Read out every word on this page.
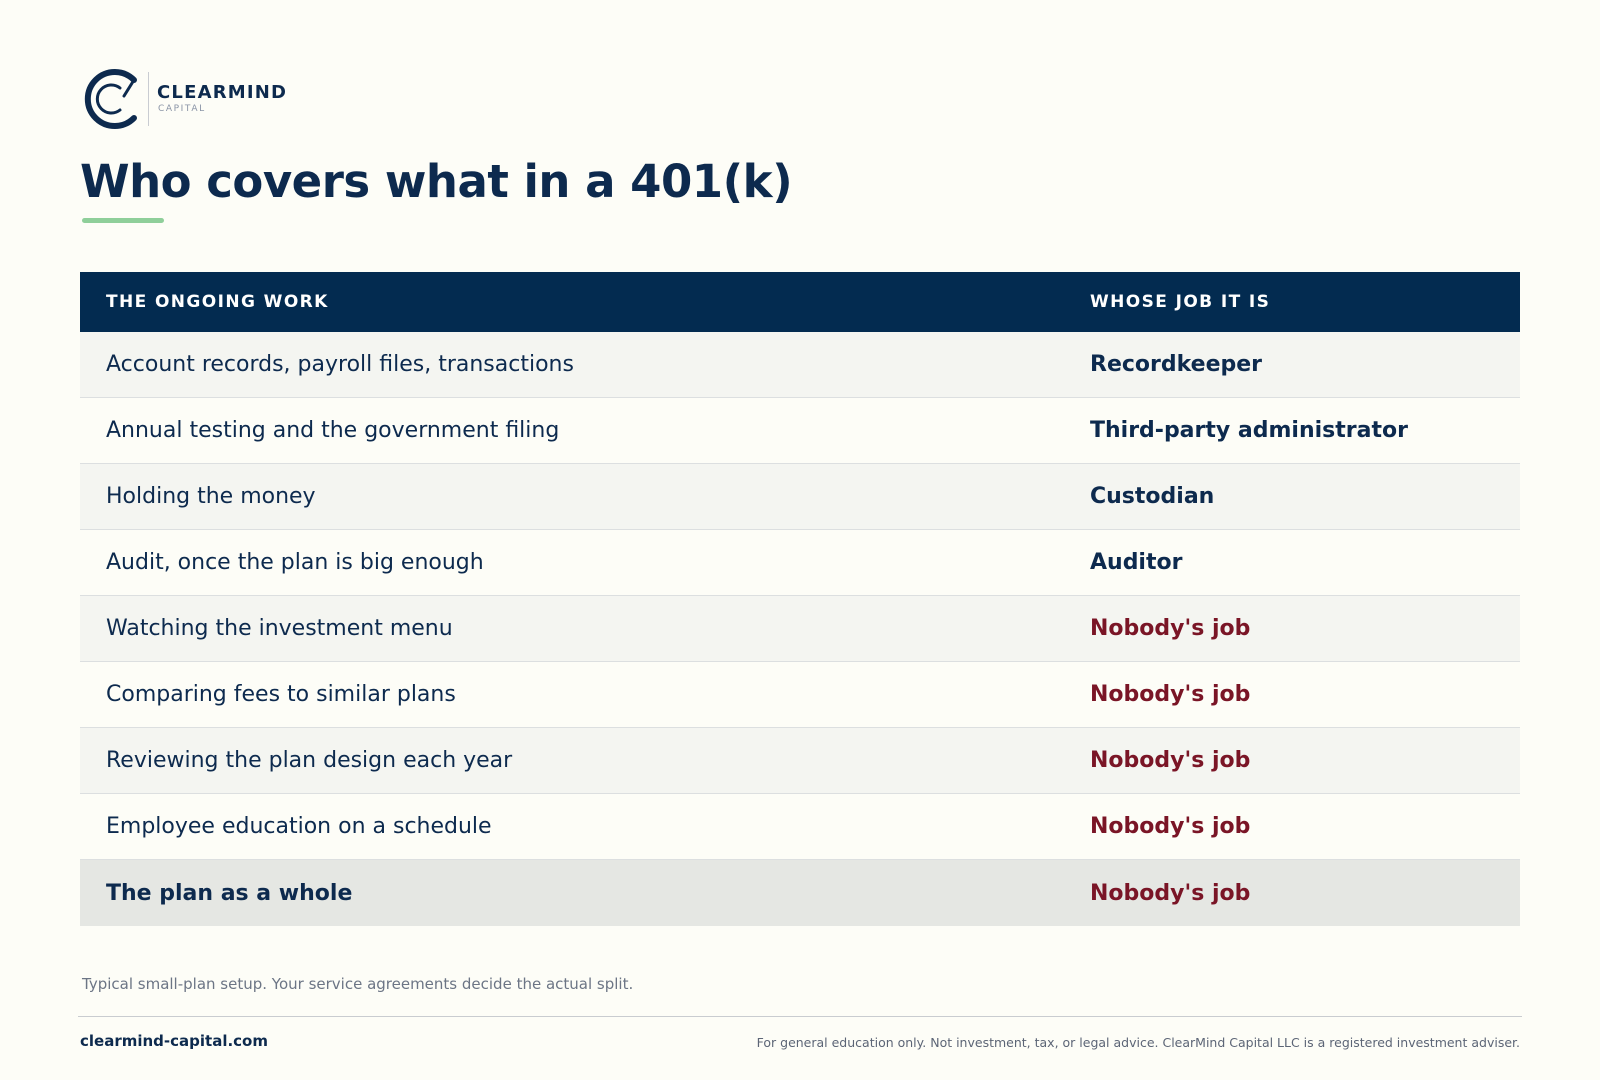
CLEARMIND
CAPITAL
Who covers what in a 401(k)
THE ONGOING WORK	WHOSE JOB IT IS
Account records, payroll files, transactions	Recordkeeper
Annual testing and the government filing	Third-party administrator
Holding the money	Custodian
Audit, once the plan is big enough	Auditor
Watching the investment menu	Nobody's job
Comparing fees to similar plans	Nobody's job
Reviewing the plan design each year	Nobody's job
Employee education on a schedule	Nobody's job
The plan as a whole	Nobody's job
Typical small-plan setup. Your service agreements decide the actual split.
clearmind-capital.com	For general education only. Not investment, tax, or legal advice. ClearMind Capital LLC is a registered investment adviser.
